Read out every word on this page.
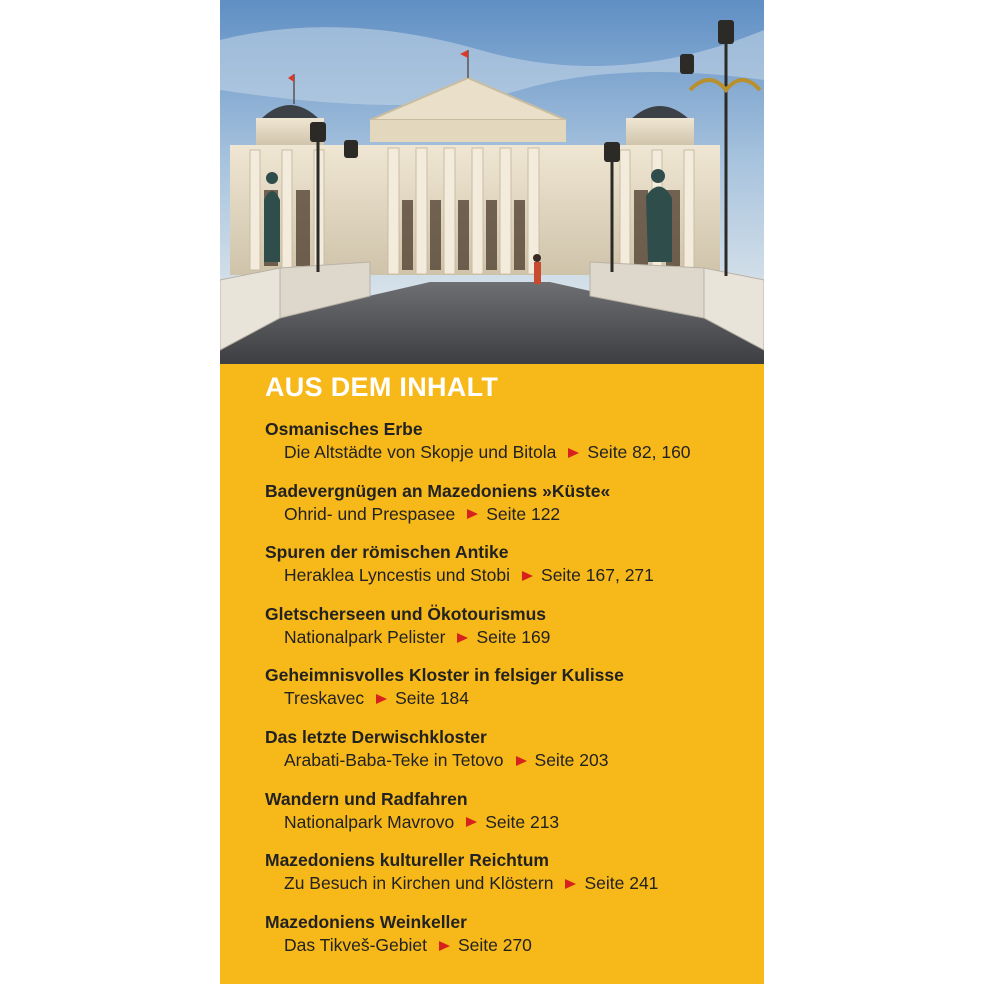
AUS DEM INHALT
Osmanisches Erbe
Die Altstädte von Skopje und Bitola Seite 82, 160
Badevergnügen an Mazedoniens »Küste«
Ohrid- und Prespasee Seite 122
Spuren der römischen Antike
Heraklea Lyncestis und Stobi Seite 167, 271
Gletscherseen und Ökotourismus
Nationalpark Pelister Seite 169
Geheimnisvolles Kloster in felsiger Kulisse
Treskavec Seite 184
Das letzte Derwischkloster
Arabati-Baba-Teke in Tetovo Seite 203
Wandern und Radfahren
Nationalpark Mavrovo Seite 213
Mazedoniens kultureller Reichtum
Zu Besuch in Kirchen und Klöstern Seite 241
Mazedoniens Weinkeller
Das Tikveš-Gebiet Seite 270
